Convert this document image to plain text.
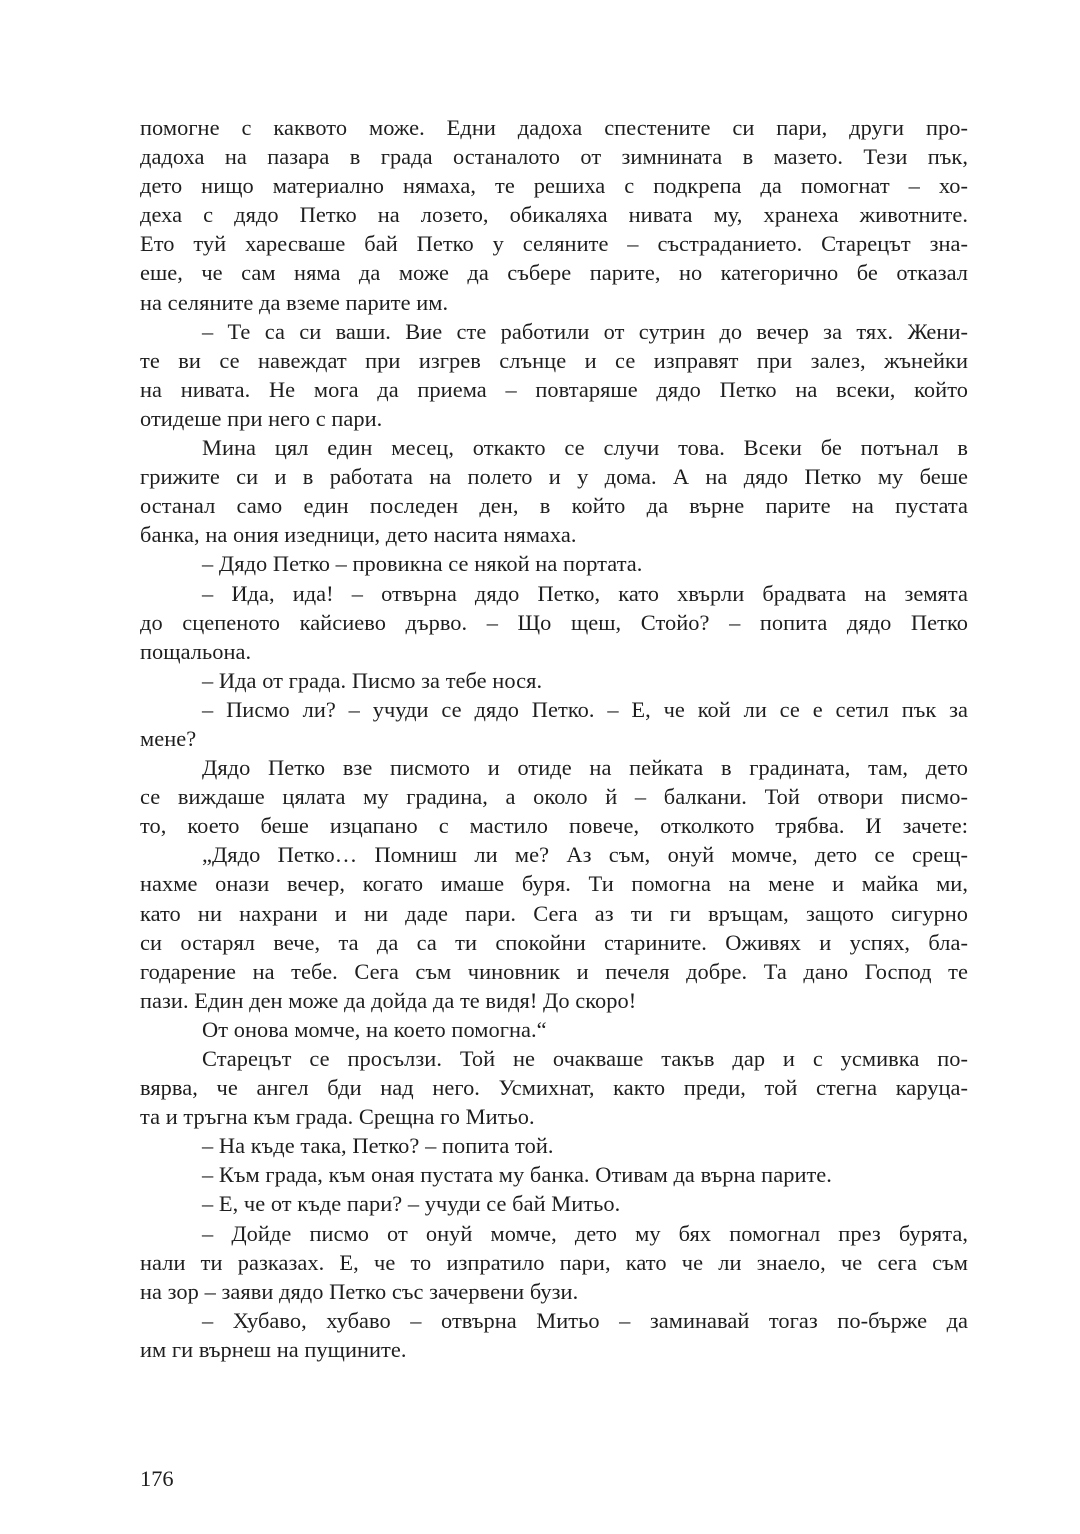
помогне с каквото може. Едни дадоха спестените си пари, други про-
дадоха на пазара в града останалото от зимнината в мазето. Тези пък,
дето нищо материално нямаха, те решиха с подкрепа да помогнат – хо-
деха с дядо Петко на лозето, обикаляха нивата му, хранеха животните.
Ето туй харесваше бай Петко у селяните – състраданието. Старецът зна-
еше, че сам няма да може да събере парите, но категорично бе отказал
на селяните да вземе парите им.
– Те са си ваши. Вие сте работили от сутрин до вечер за тях. Жени-
те ви се навеждат при изгрев слънце и се изправят при залез, жънейки
на нивата. Не мога да приема – повтаряше дядо Петко на всеки, който
отидеше при него с пари.
Мина цял един месец, откакто се случи това. Всеки бе потънал в
грижите си и в работата на полето и у дома. А на дядо Петко му беше
останал само един последен ден, в който да върне парите на пустата
банка, на ония изедници, дето насита нямаха.
– Дядо Петко – провикна се някой на портата.
– Ида, ида! – отвърна дядо Петко, като хвърли брадвата на земята
до сцепеното кайсиево дърво. – Що щеш, Стойо? – попита дядо Петко
пощальона.
– Ида от града. Писмо за тебе нося.
– Писмо ли? – учуди се дядо Петко. – Е, че кой ли се е сетил пък за
мене?
Дядо Петко взе писмото и отиде на пейката в градината, там, дето
се виждаше цялата му градина, а около й – балкани. Той отвори писмо-
то, което беше изцапано с мастило повече, отколкото трябва. И зачете:
„Дядо Петко… Помниш ли ме? Аз съм, онуй момче, дето се срещ-
нахме онази вечер, когато имаше буря. Ти помогна на мене и майка ми,
като ни нахрани и ни даде пари. Сега аз ти ги връщам, защото сигурно
си остарял вече, та да са ти спокойни старините. Оживях и успях, бла-
годарение на тебе. Сега съм чиновник и печеля добре. Та дано Господ те
пази. Един ден може да дойда да те видя! До скоро!
От онова момче, на което помогна.“
Старецът се просълзи. Той не очакваше такъв дар и с усмивка по-
вярва, че ангел бди над него. Усмихнат, както преди, той стегна каруца-
та и тръгна към града. Срещна го Митьо.
– На къде така, Петко? – попита той.
– Към града, към оная пустата му банка. Отивам да върна парите.
– Е, че от къде пари? – учуди се бай Митьо.
– Дойде писмо от онуй момче, дето му бях помогнал през бурята,
нали ти разказах. Е, че то изпратило пари, като че ли знаело, че сега съм
на зор – заяви дядо Петко със зачервени бузи.
– Хубаво, хубаво – отвърна Митьо – заминавай тогаз по-бърже да
им ги върнеш на пущините.
176
